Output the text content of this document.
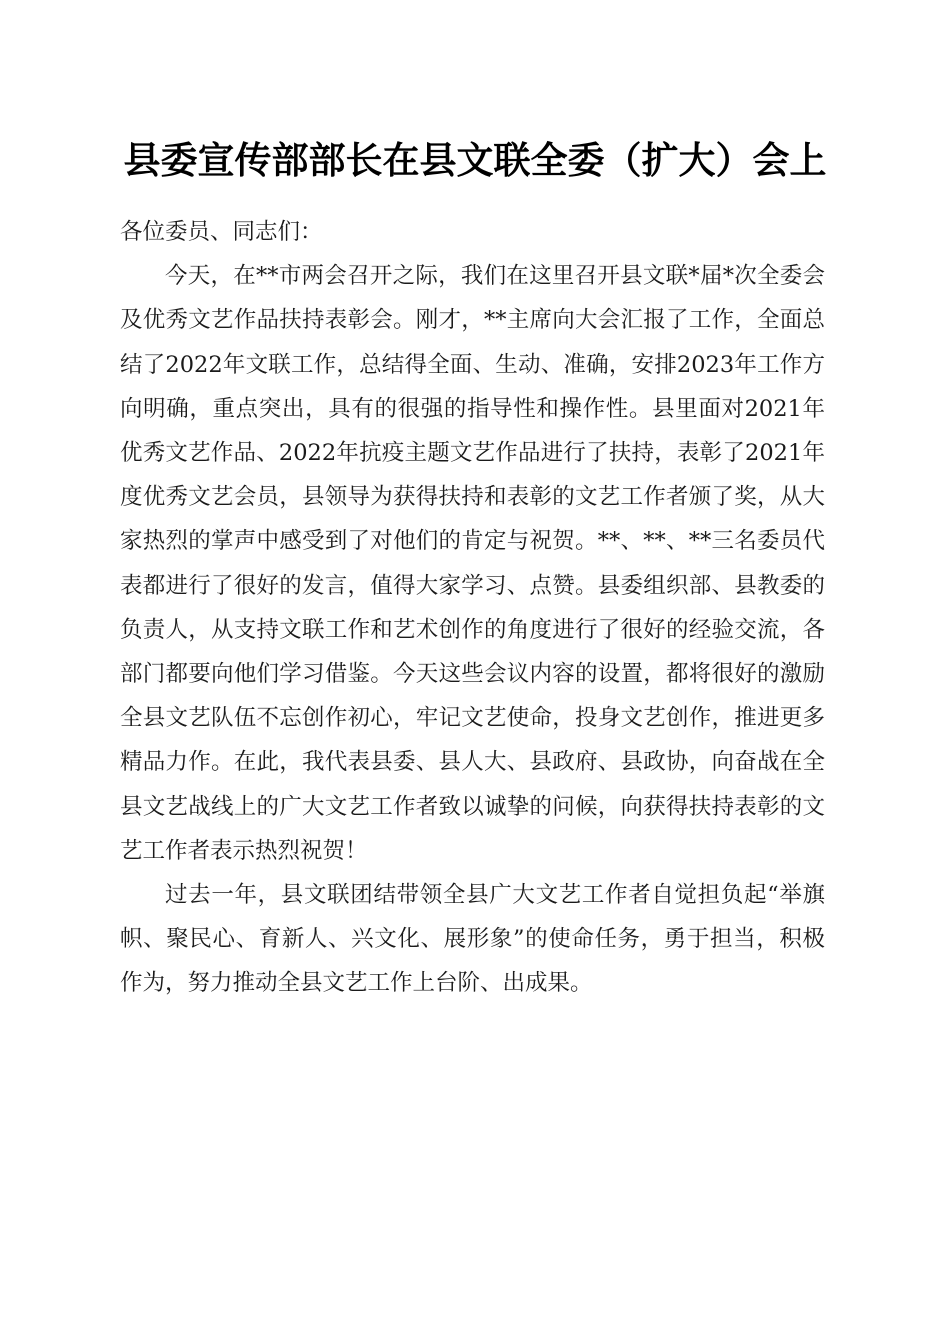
县委宣传部部长在县文联全委（扩大）会上

各位委员、同志们：

今天，在**市两会召开之际，我们在这里召开县文联*届*次全委会及优秀文艺作品扶持表彰会。刚才，**主席向大会汇报了工作，全面总结了2022年文联工作，总结得全面、生动、准确，安排2023年工作方向明确，重点突出，具有的很强的指导性和操作性。县里面对2021年优秀文艺作品、2022年抗疫主题文艺作品进行了扶持，表彰了2021年度优秀文艺会员，县领导为获得扶持和表彰的文艺工作者颁了奖，从大家热烈的掌声中感受到了对他们的肯定与祝贺。**、**、**三名委员代表都进行了很好的发言，值得大家学习、点赞。县委组织部、县教委的负责人，从支持文联工作和艺术创作的角度进行了很好的经验交流，各部门都要向他们学习借鉴。今天这些会议内容的设置，都将很好的激励全县文艺队伍不忘创作初心，牢记文艺使命，投身文艺创作，推进更多精品力作。在此，我代表县委、县人大、县政府、县政协，向奋战在全县文艺战线上的广大文艺工作者致以诚挚的问候，向获得扶持表彰的文艺工作者表示热烈祝贺！

过去一年，县文联团结带领全县广大文艺工作者自觉担负起“举旗帜、聚民心、育新人、兴文化、展形象”的使命任务，勇于担当，积极作为，努力推动全县文艺工作上台阶、出成果。
